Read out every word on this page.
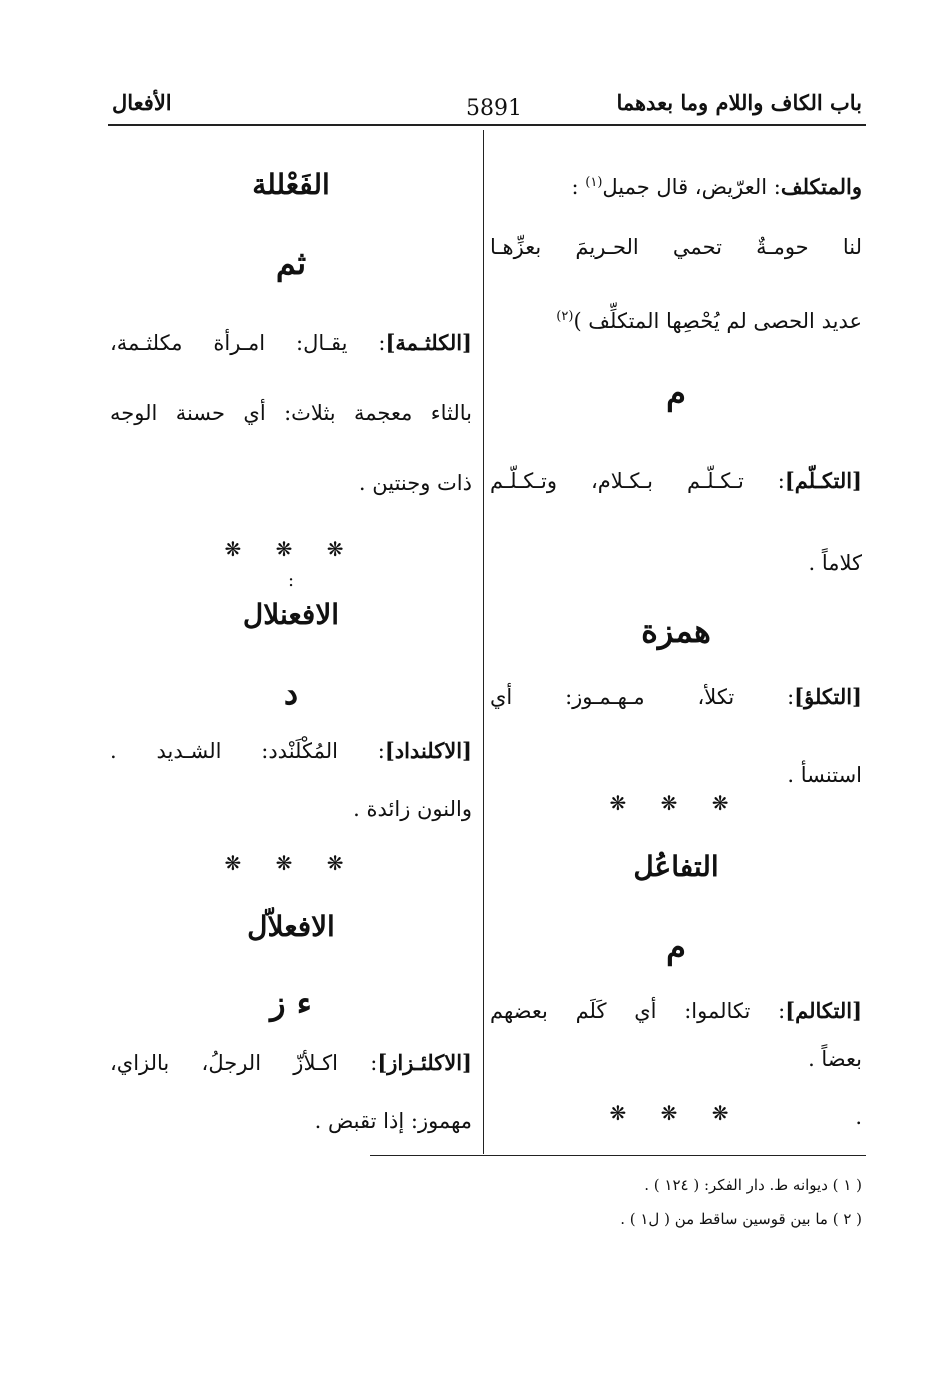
باب الكاف واللام وما بعدهما
5891
الأفعال
والمتكلف: العرّيض، قال جميل$^{(١)}$ :
لنا حومـةٌ تحمي الحـريمَ بعزِّهـا
عديد الحصى لم يُحْصِها المتكلِّف )$^{(٢)}$
م
[التكـلّم]: تـكـلّـم بـكـلام، وتـكـلّـم
كلاماً .
همزة
[التكلؤ]: تكلأ، مـهـمـوز: أي
استنسأ .
❋ ❋ ❋
التفاعُل
م
[التكالم]: تكالموا: أي كَلَم بعضهم
بعضاً .
❋ ❋ ❋	.
الفَعْللة
ثم
[الكلثـمة]: يقـال: امـرأة مكلثـمة،
بالثاء معجمة بثلاث: أي حسنة الوجه
ذات وجنتين .
❋ ❋ ❋
:
الافعنلال
د
[الاكلنداد]: المُكْلَنْدد: الشـديد .
والنون زائدة .
❋ ❋ ❋
الافعلاّل
ء ز
[الاكلئـزاز]: اكـلأزّ الرجلُ، بالزاي،
مهموز: إذا تقبض .
( ١ ) ديوانه ط. دار الفكر: ( ١٢٤ ) .
( ٢ ) ما بين قوسين ساقط من ( ل١ ) .
